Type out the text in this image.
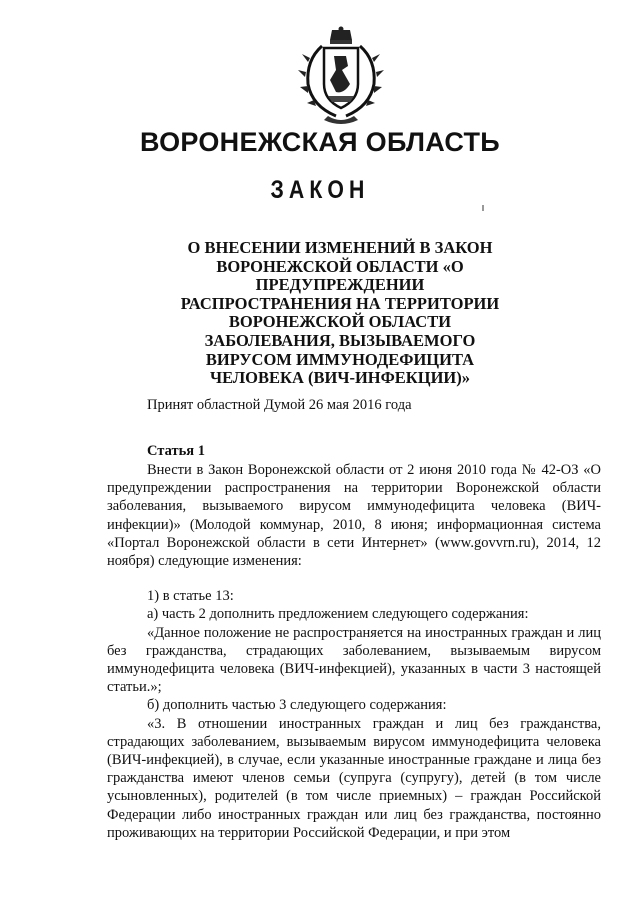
ВОРОНЕЖСКАЯ ОБЛАСТЬ
ЗАКОН
О ВНЕСЕНИИ ИЗМЕНЕНИЙ В ЗАКОН ВОРОНЕЖСКОЙ ОБЛАСТИ «О ПРЕДУПРЕЖДЕНИИ РАСПРОСТРАНЕНИЯ НА ТЕРРИТОРИИ ВОРОНЕЖСКОЙ ОБЛАСТИ ЗАБОЛЕВАНИЯ, ВЫЗЫВАЕМОГО ВИРУСОМ ИММУНОДЕФИЦИТА ЧЕЛОВЕКА (ВИЧ-ИНФЕКЦИИ)»
Принят областной Думой 26 мая 2016 года
Статья 1

Внести в Закон Воронежской области от 2 июня 2010 года № 42-ОЗ «О предупреждении распространения на территории Воронежской области заболевания, вызываемого вирусом иммунодефицита человека (ВИЧ-инфекции)» (Молодой коммунар, 2010, 8 июня; информационная система «Портал Воронежской области в сети Интернет» (www.govvrn.ru), 2014, 12 ноября) следующие изменения:

1) в статье 13:

а) часть 2 дополнить предложением следующего содержания:

«Данное положение не распространяется на иностранных граждан и лиц без гражданства, страдающих заболеванием, вызываемым вирусом иммунодефицита человека (ВИЧ-инфекцией), указанных в части 3 настоящей статьи.»;

б) дополнить частью 3 следующего содержания:

«3. В отношении иностранных граждан и лиц без гражданства, страдающих заболеванием, вызываемым вирусом иммунодефицита человека (ВИЧ-инфекцией), в случае, если указанные иностранные граждане и лица без гражданства имеют членов семьи (супруга (супругу), детей (в том числе усыновленных), родителей (в том числе приемных) – граждан Российской Федерации либо иностранных граждан или лиц без гражданства, постоянно проживающих на территории Российской Федерации, и при этом
